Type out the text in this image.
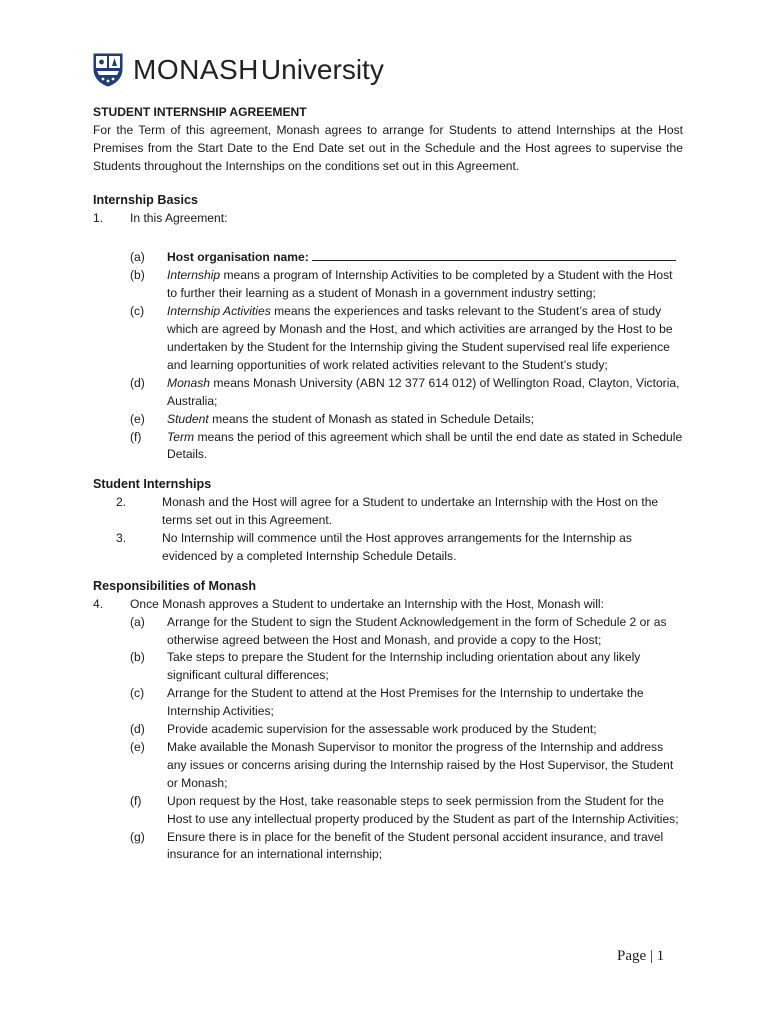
MONASH University

STUDENT INTERNSHIP AGREEMENT

For the Term of this agreement, Monash agrees to arrange for Students to attend Internships at the Host Premises from the Start Date to the End Date set out in the Schedule and the Host agrees to supervise the Students throughout the Internships on the conditions set out in this Agreement.

Internship Basics

1.	In this Agreement:
(a)	Host organisation name:
(b)	Internship means a program of Internship Activities to be completed by a Student with the Host to further their learning as a student of Monash in a government industry setting;
(c)	Internship Activities means the experiences and tasks relevant to the Student’s area of study which are agreed by Monash and the Host, and which activities are arranged by the Host to be undertaken by the Student for the Internship giving the Student supervised real life experience and learning opportunities of work related activities relevant to the Student’s study;
(d)	Monash means Monash University (ABN 12 377 614 012) of Wellington Road, Clayton, Victoria, Australia;
(e)	Student means the student of Monash as stated in Schedule Details;
(f)	Term means the period of this agreement which shall be until the end date as stated in Schedule Details.

Student Internships

2.	Monash and the Host will agree for a Student to undertake an Internship with the Host on the terms set out in this Agreement.
3.	No Internship will commence until the Host approves arrangements for the Internship as evidenced by a completed Internship Schedule Details.

Responsibilities of Monash

4.	Once Monash approves a Student to undertake an Internship with the Host, Monash will:
(a)	Arrange for the Student to sign the Student Acknowledgement in the form of Schedule 2 or as otherwise agreed between the Host and Monash, and provide a copy to the Host;
(b)	Take steps to prepare the Student for the Internship including orientation about any likely significant cultural differences;
(c)	Arrange for the Student to attend at the Host Premises for the Internship to undertake the Internship Activities;
(d)	Provide academic supervision for the assessable work produced by the Student;
(e)	Make available the Monash Supervisor to monitor the progress of the Internship and address any issues or concerns arising during the Internship raised by the Host Supervisor, the Student or Monash;
(f)	Upon request by the Host, take reasonable steps to seek permission from the Student for the Host to use any intellectual property produced by the Student as part of the Internship Activities;
(g)	Ensure there is in place for the benefit of the Student personal accident insurance, and travel insurance for an international internship;
Page | 1
